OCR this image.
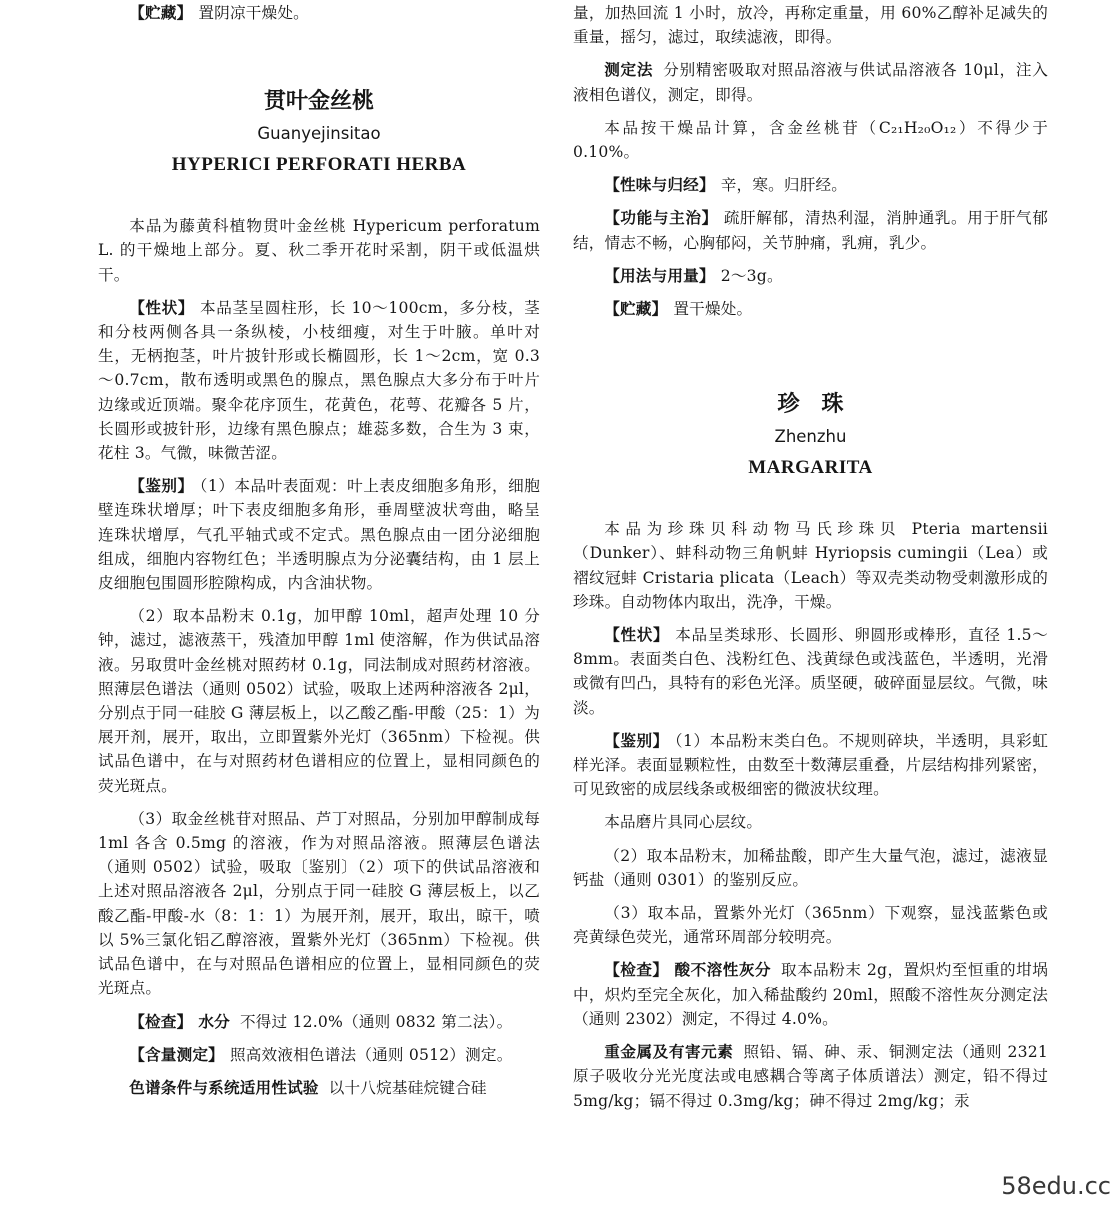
【贮藏】 置阴凉干燥处。

贯叶金丝桃
Guanyejinsitao
HYPERICI PERFORATI HERBA

本品为藤黄科植物贯叶金丝桃 Hypericum perforatum L. 的干燥地上部分。夏、秋二季开花时采割，阴干或低温烘干。

【性状】 本品茎呈圆柱形，长 10～100cm，多分枝，茎和分枝两侧各具一条纵棱，小枝细瘦，对生于叶腋。单叶对生，无柄抱茎，叶片披针形或长椭圆形，长 1～2cm，宽 0.3～0.7cm，散布透明或黑色的腺点，黑色腺点大多分布于叶片边缘或近顶端。聚伞花序顶生，花黄色，花萼、花瓣各 5 片，长圆形或披针形，边缘有黑色腺点；雄蕊多数，合生为 3 束，花柱 3。气微，味微苦涩。

【鉴别】 （1）本品叶表面观：叶上表皮细胞多角形，细胞壁连珠状增厚；叶下表皮细胞多角形，垂周壁波状弯曲，略呈连珠状增厚，气孔平轴式或不定式。黑色腺点由一团分泌细胞组成，细胞内容物红色；半透明腺点为分泌囊结构，由 1 层上皮细胞包围圆形腔隙构成，内含油状物。

（2）取本品粉末 0.1g，加甲醇 10ml，超声处理 10 分钟，滤过，滤液蒸干，残渣加甲醇 1ml 使溶解，作为供试品溶液。另取贯叶金丝桃对照药材 0.1g，同法制成对照药材溶液。照薄层色谱法（通则 0502）试验，吸取上述两种溶液各 2μl，分别点于同一硅胶 G 薄层板上，以乙酸乙酯-甲酸（25：1）为展开剂，展开，取出，立即置紫外光灯（365nm）下检视。供试品色谱中，在与对照药材色谱相应的位置上，显相同颜色的荧光斑点。

（3）取金丝桃苷对照品、芦丁对照品，分别加甲醇制成每 1ml 各含 0.5mg 的溶液，作为对照品溶液。照薄层色谱法（通则 0502）试验，吸取〔鉴别〕（2）项下的供试品溶液和上述对照品溶液各 2μl，分别点于同一硅胶 G 薄层板上，以乙酸乙酯-甲酸-水（8：1：1）为展开剂，展开，取出，晾干，喷以 5%三氯化铝乙醇溶液，置紫外光灯（365nm）下检视。供试品色谱中，在与对照品色谱相应的位置上，显相同颜色的荧光斑点。

【检查】 水分 不得过 12.0%（通则 0832 第二法）。

【含量测定】 照高效液相色谱法（通则 0512）测定。

色谱条件与系统适用性试验 以十八烷基硅烷键合硅

量，加热回流 1 小时，放冷，再称定重量，用 60%乙醇补足减失的重量，摇匀，滤过，取续滤液，即得。

测定法 分别精密吸取对照品溶液与供试品溶液各 10μl，注入液相色谱仪，测定，即得。

本品按干燥品计算，含金丝桃苷（C₂₁H₂₀O₁₂）不得少于 0.10%。

【性味与归经】 辛，寒。归肝经。

【功能与主治】 疏肝解郁，清热利湿，消肿通乳。用于肝气郁结，情志不畅，心胸郁闷，关节肿痛，乳痈，乳少。

【用法与用量】 2～3g。

【贮藏】 置干燥处。

珍　珠
Zhenzhu
MARGARITA

本品为珍珠贝科动物马氏珍珠贝 Pteria martensii（Dunker）、蚌科动物三角帆蚌 Hyriopsis cumingii（Lea）或褶纹冠蚌 Cristaria plicata（Leach）等双壳类动物受刺激形成的珍珠。自动物体内取出，洗净，干燥。

【性状】 本品呈类球形、长圆形、卵圆形或棒形，直径 1.5～8mm。表面类白色、浅粉红色、浅黄绿色或浅蓝色，半透明，光滑或微有凹凸，具特有的彩色光泽。质坚硬，破碎面显层纹。气微，味淡。

【鉴别】 （1）本品粉末类白色。不规则碎块，半透明，具彩虹样光泽。表面显颗粒性，由数至十数薄层重叠，片层结构排列紧密，可见致密的成层线条或极细密的微波状纹理。

本品磨片具同心层纹。

（2）取本品粉末，加稀盐酸，即产生大量气泡，滤过，滤液显钙盐（通则 0301）的鉴别反应。

（3）取本品，置紫外光灯（365nm）下观察，显浅蓝紫色或亮黄绿色荧光，通常环周部分较明亮。

【检查】 酸不溶性灰分 取本品粉末 2g，置炽灼至恒重的坩埚中，炽灼至完全灰化，加入稀盐酸约 20ml，照酸不溶性灰分测定法（通则 2302）测定，不得过 4.0%。

重金属及有害元素 照铅、镉、砷、汞、铜测定法（通则 2321 原子吸收分光光度法或电感耦合等离子体质谱法）测定，铅不得过 5mg/kg；镉不得过 0.3mg/kg；砷不得过 2mg/kg；汞

58edu.cc
